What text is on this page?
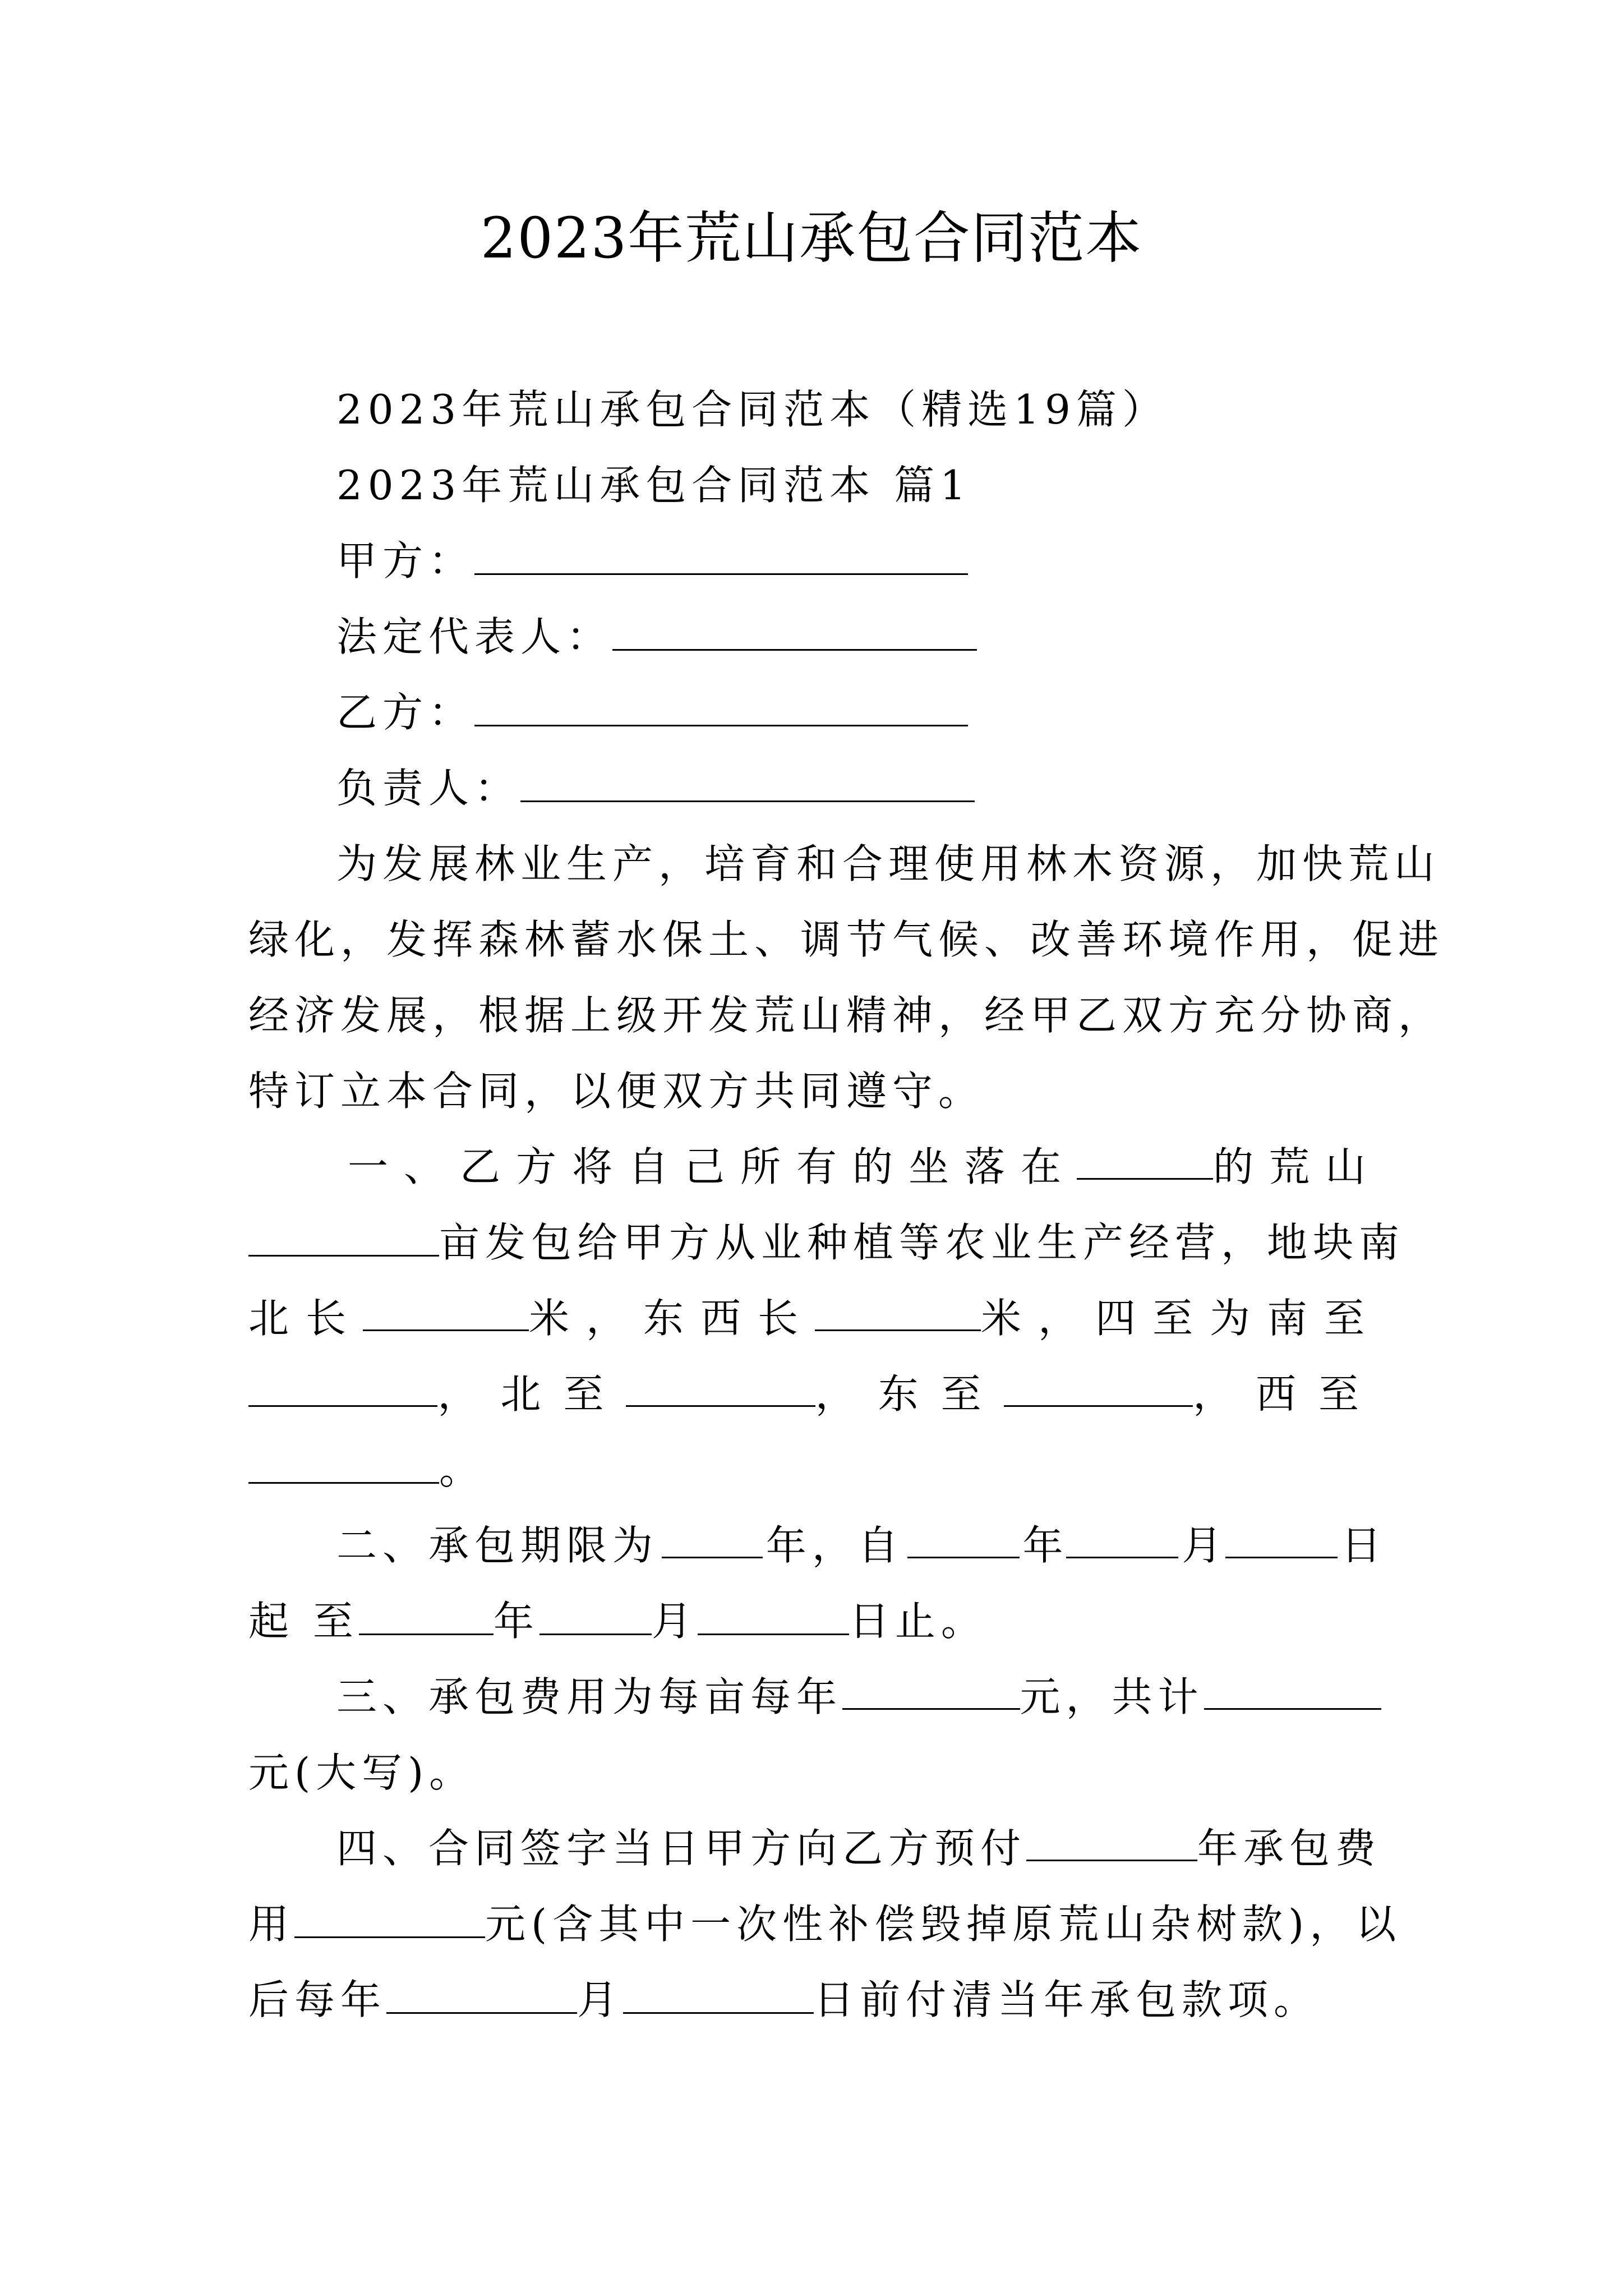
2023年荒山承包合同范本
2023年荒山承包合同范本（精选19篇）
2023年荒山承包合同范本 篇1
甲方：
法定代表人：
乙方：
负责人：
为发展林业生产，培育和合理使用林木资源，加快荒山
绿化，发挥森林蓄水保土、调节气候、改善环境作用，促进
经济发展，根据上级开发荒山精神，经甲乙双方充分协商，
特订立本合同，以便双方共同遵守。
一、乙方将自己所有的坐落在	的荒山
亩发包给甲方从业种植等农业生产经营，地块南
北长	米，东西长	米，四至为南至
，北至	，东至	，西至
。
二、承包期限为	年，自	年	月	日
起 至	年	月	日止。
三、承包费用为每亩每年	元，共计
元(大写)。
四、合同签字当日甲方向乙方预付	年承包费
用	元(含其中一次性补偿毁掉原荒山杂树款)，以
后每年	月	日前付清当年承包款项。
